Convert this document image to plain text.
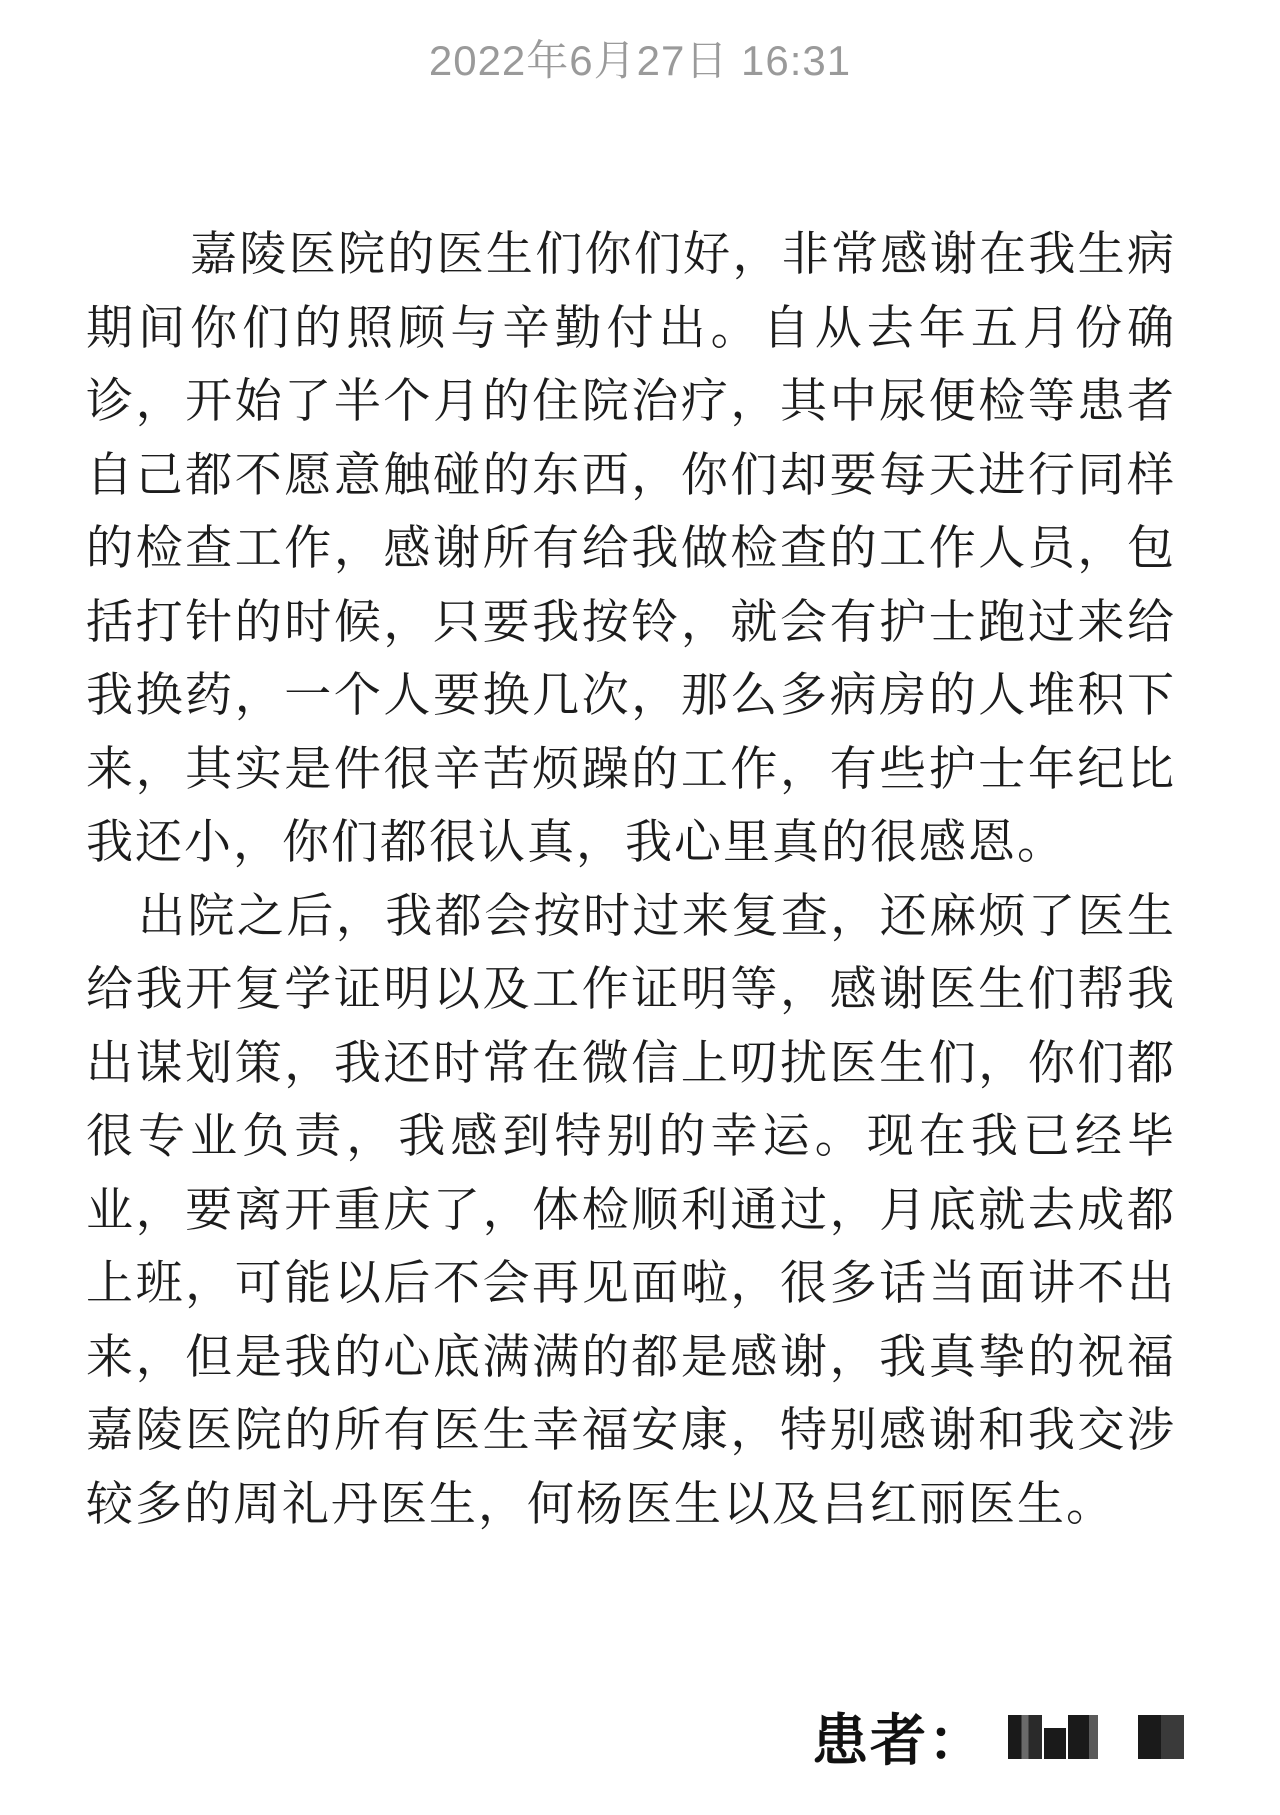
2022年6月27日 16:31

嘉陵医院的医生们你们好，非常感谢在我生病期间你们的照顾与辛勤付出。自从去年五月份确诊，开始了半个月的住院治疗，其中尿便检等患者自己都不愿意触碰的东西，你们却要每天进行同样的检查工作，感谢所有给我做检查的工作人员，包括打针的时候，只要我按铃，就会有护士跑过来给我换药，一个人要换几次，那么多病房的人堆积下来，其实是件很辛苦烦躁的工作，有些护士年纪比我还小，你们都很认真，我心里真的很感恩。

出院之后，我都会按时过来复查，还麻烦了医生给我开复学证明以及工作证明等，感谢医生们帮我出谋划策，我还时常在微信上叨扰医生们，你们都很专业负责，我感到特别的幸运。现在我已经毕业，要离开重庆了，体检顺利通过，月底就去成都上班，可能以后不会再见面啦，很多话当面讲不出来，但是我的心底满满的都是感谢，我真挚的祝福嘉陵医院的所有医生幸福安康，特别感谢和我交涉较多的周礼丹医生，何杨医生以及吕红丽医生。

患者：
